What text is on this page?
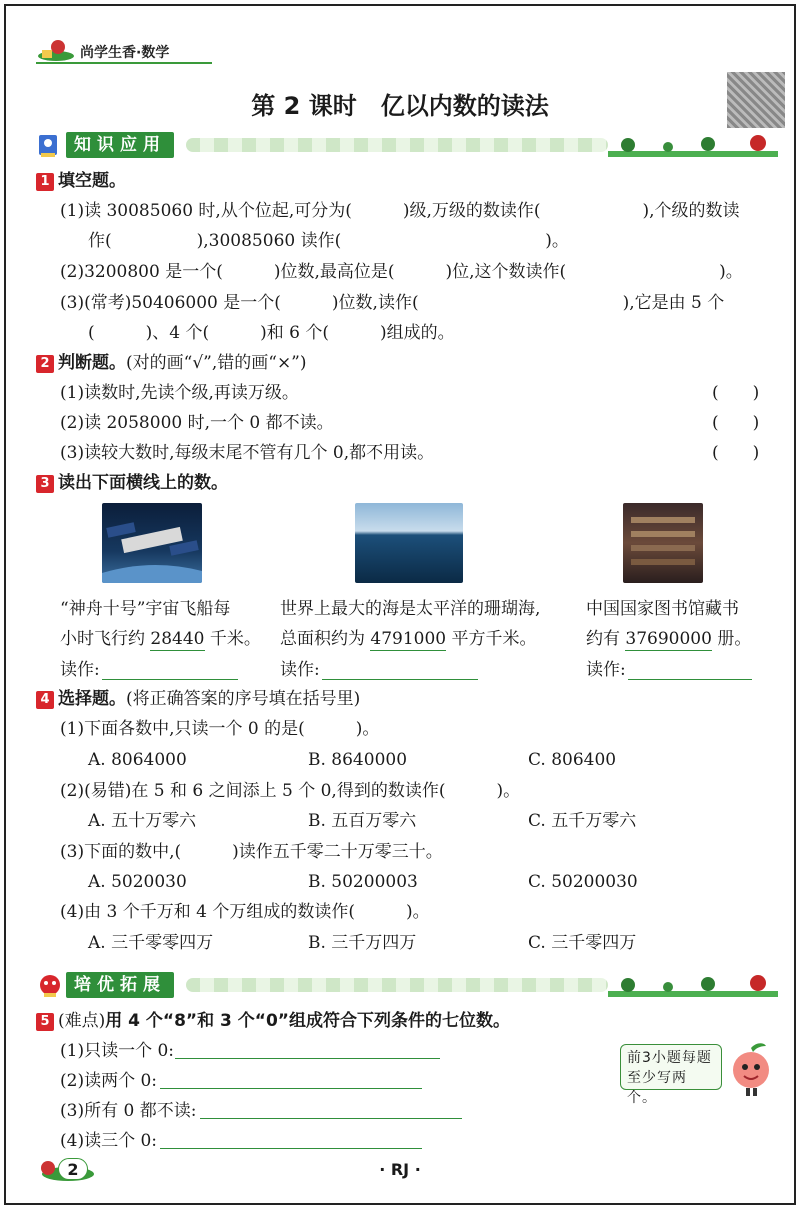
尚学生香·数学
第 2 课时　亿以内数的读法
知识应用
1 填空题。
(1)读 30085060 时,从个位起,可分为(　　　)级,万级的数读作(　　　　　　),个级的数读
作(　　　　　),30085060 读作(　　　　　　　　　　　　)。
(2)3200800 是一个(　　　)位数,最高位是(　　　)位,这个数读作(　　　　　　　　　)。
(3)(常考)50406000 是一个(　　　)位数,读作(　　　　　　　　　　　　),它是由 5 个
(　　　)、4 个(　　　)和 6 个(　　　)组成的。
2 判断题。(对的画“√”,错的画“×”)
(1)读数时,先读个级,再读万级。	(　　)
(2)读 2058000 时,一个 0 都不读。	(　　)
(3)读较大数时,每级末尾不管有几个 0,都不用读。	(　　)
3 读出下面横线上的数。
“神舟十号”宇宙飞船每
小时飞行约 28440 千米。
读作:
世界上最大的海是太平洋的珊瑚海,
总面积约为 4791000 平方千米。
读作:
中国国家图书馆藏书
约有 37690000 册。
读作:
4 选择题。(将正确答案的序号填在括号里)
(1)下面各数中,只读一个 0 的是(　　　)。
A. 8064000	B. 8640000	C. 806400
(2)(易错)在 5 和 6 之间添上 5 个 0,得到的数读作(　　　)。
A. 五十万零六	B. 五百万零六	C. 五千万零六
(3)下面的数中,(　　　)读作五千零二十万零三十。
A. 5020030	B. 50200003	C. 50200030
(4)由 3 个千万和 4 个万组成的数读作(　　　)。
A. 三千零零四万	B. 三千万四万	C. 三千零四万
培优拓展
5 (难点)用 4 个“8”和 3 个“0”组成符合下列条件的七位数。
(1)只读一个 0:
(2)读两个 0:
(3)所有 0 都不读:
(4)读三个 0:
前3小题每题
至少写两个。
2	· RJ ·
